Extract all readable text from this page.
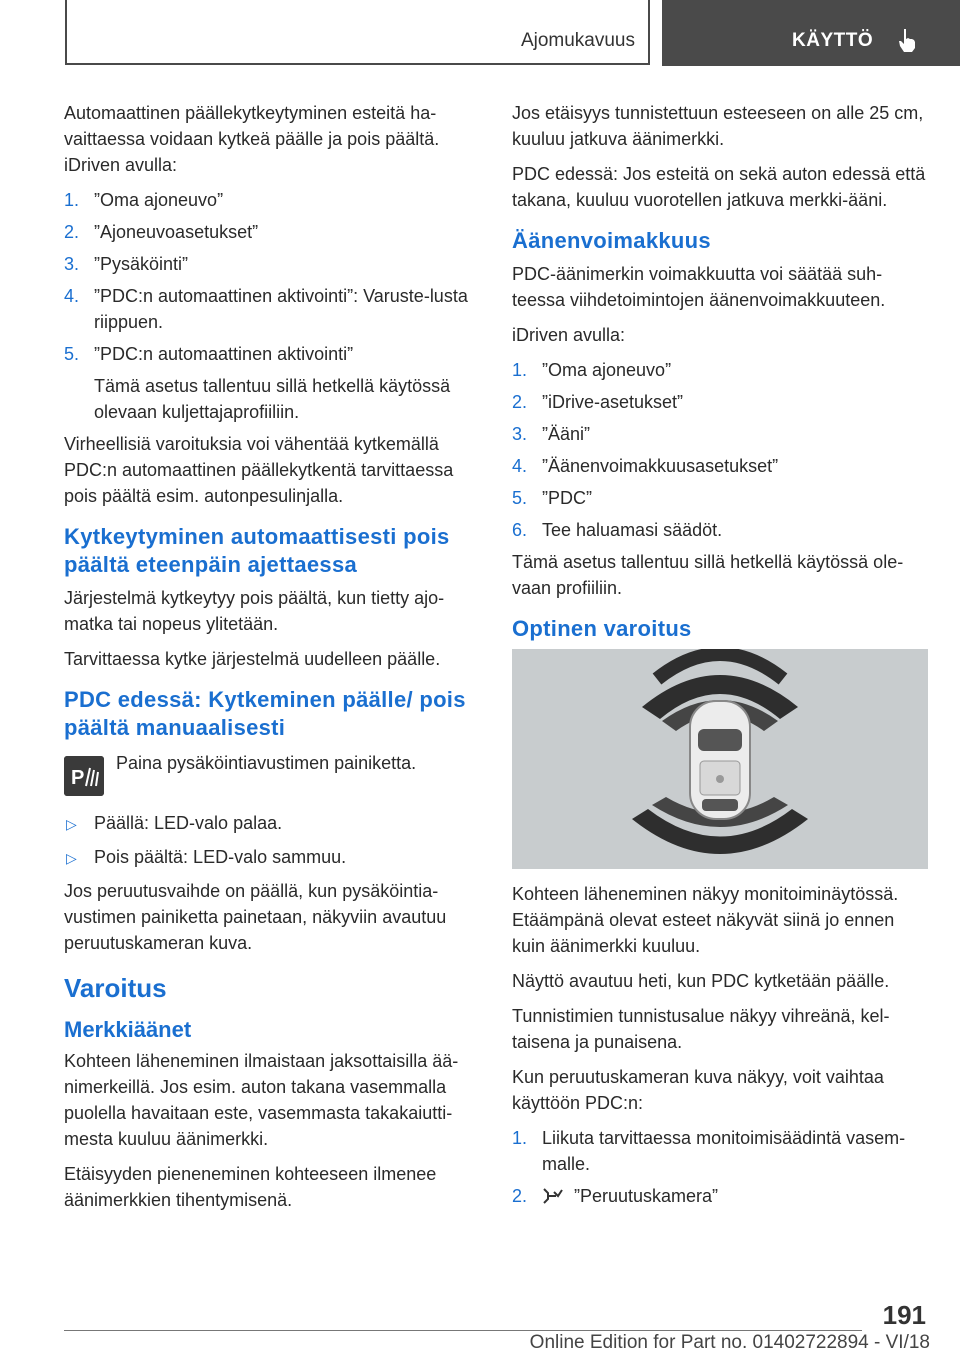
Ajomukavuus	KÄYTTÖ

Automaattinen päällekytkeytyminen esteitä ha-vaittaessa voidaan kytkeä päälle ja pois päältä. iDriven avulla:

1. ”Oma ajoneuvo”
2. ”Ajoneuvoasetukset”
3. ”Pysäköinti”
4. ”PDC:n automaattinen aktivointi”: Varuste-lusta riippuen.
5. ”PDC:n automaattinen aktivointi”
Tämä asetus tallentuu sillä hetkellä käytössä olevaan kuljettajaprofiiliin.

Virheellisiä varoituksia voi vähentää kytkemällä PDC:n automaattinen päällekytkentä tarvittaessa pois päältä esim. autonpesulinjalla.

Kytkeytyminen automaattisesti pois päältä eteenpäin ajettaessa

Järjestelmä kytkeytyy pois päältä, kun tietty ajo-matka tai nopeus ylitetään.

Tarvittaessa kytke järjestelmä uudelleen päälle.

PDC edessä: Kytkeminen päälle/ pois päältä manuaalisesti
P
Paina pysäköintiavustimen painiketta.
▷ Päällä: LED-valo palaa.
▷ Pois päältä: LED-valo sammuu.

Jos peruutusvaihde on päällä, kun pysäköintia-vustimen painiketta painetaan, näkyviin avautuu peruutuskameran kuva.

Varoitus
Merkkiäänet

Kohteen läheneminen ilmaistaan jaksottaisilla ää-nimerkeillä. Jos esim. auton takana vasemmalla puolella havaitaan este, vasemmasta takakaiutti-mesta kuuluu äänimerkki.

Etäisyyden pieneneminen kohteeseen ilmenee äänimerkkien tihentymisenä.

Jos etäisyys tunnistettuun esteeseen on alle 25 cm, kuuluu jatkuva äänimerkki.

PDC edessä: Jos esteitä on sekä auton edessä että takana, kuuluu vuorotellen jatkuva merkki-ääni.

Äänenvoimakkuus

PDC-äänimerkin voimakkuutta voi säätää suh-teessa viihdetoimintojen äänenvoimakkuuteen.

iDriven avulla:

1. ”Oma ajoneuvo”
2. ”iDrive-asetukset”
3. ”Ääni”
4. ”Äänenvoimakkuusasetukset”
5. ”PDC”
6. Tee haluamasi säädöt.

Tämä asetus tallentuu sillä hetkellä käytössä ole-vaan profiiliin.

Optinen varoitus

Kohteen läheneminen näkyy monitoiminäytössä. Etäämpänä olevat esteet näkyvät siinä jo ennen kuin äänimerkki kuuluu.

Näyttö avautuu heti, kun PDC kytketään päälle.

Tunnistimien tunnistusalue näkyy vihreänä, kel-taisena ja punaisena.

Kun peruutuskameran kuva näkyy, voit vaihtaa käyttöön PDC:n:

1. Liikuta tarvittaessa monitoimisäädintä vasem-malle.
2.	”Peruutuskamera”
191
Online Edition for Part no. 01402722894 - VI/18
